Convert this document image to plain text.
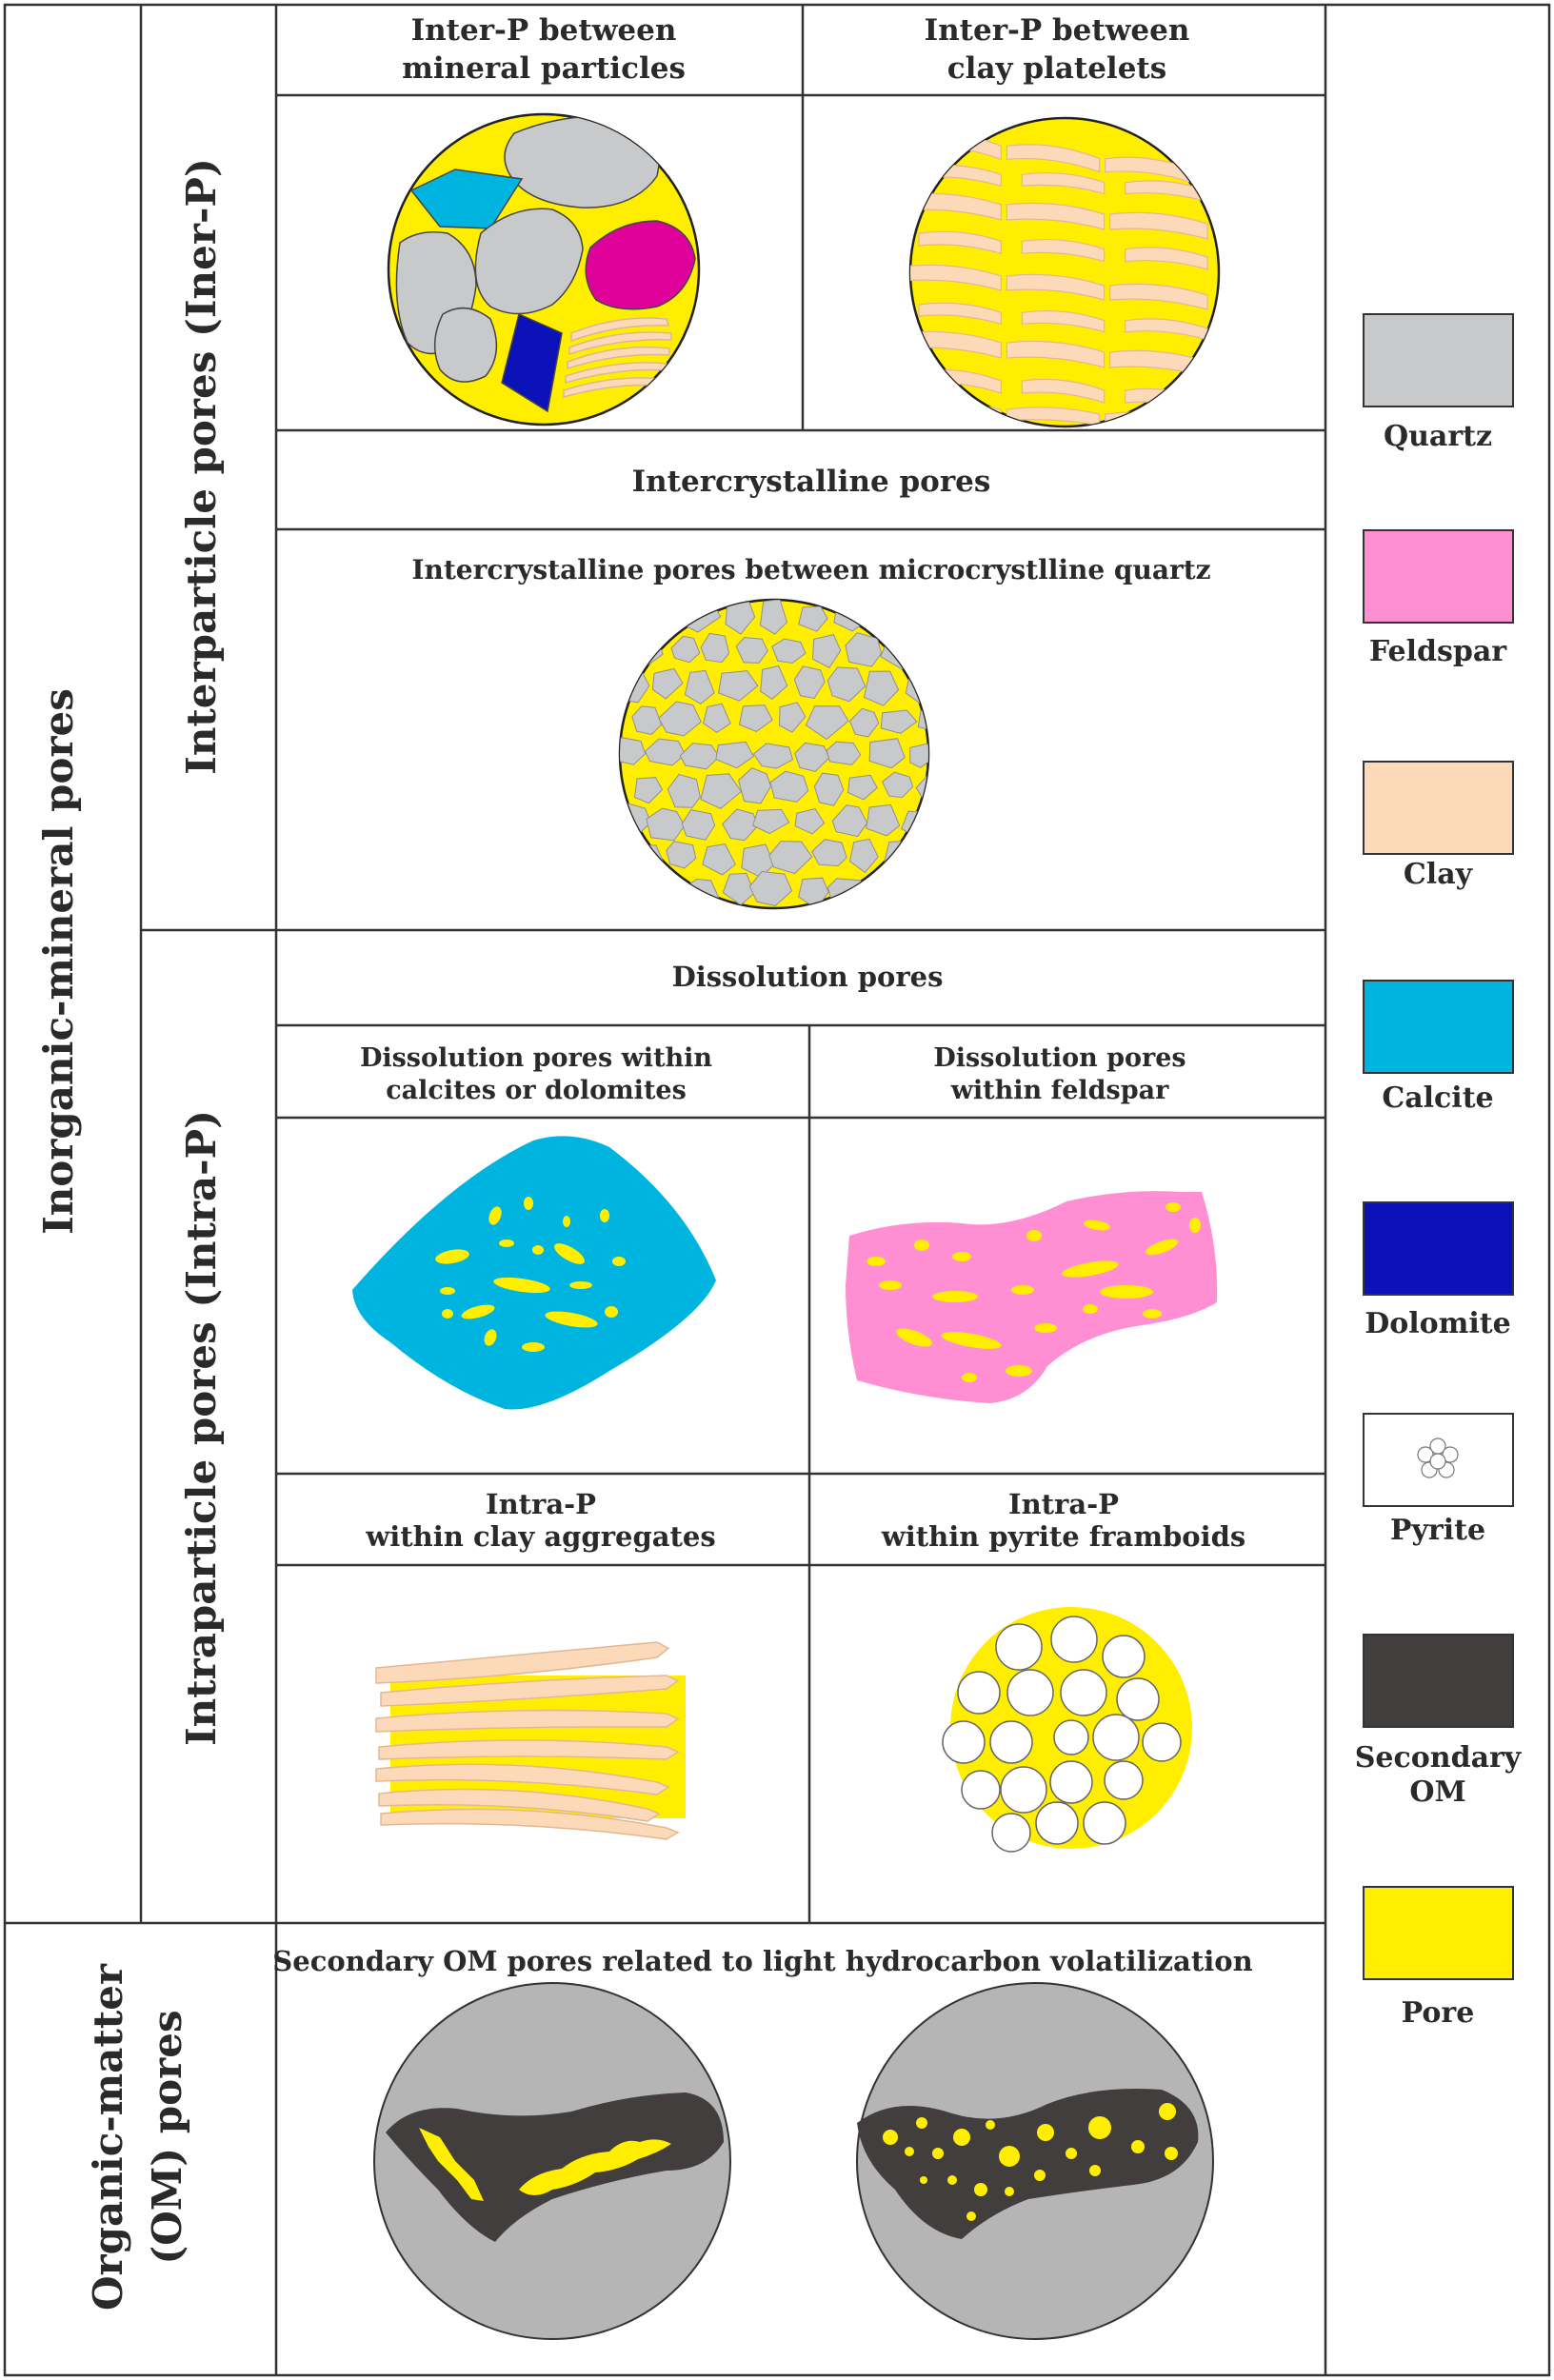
Inorganic-mineral pores
Organic-matter (OM) pores
Interparticle pores (Iner-P)
Intraparticle pores (Intra-P)
Inter-P between
mineral particles
Inter-P between
clay platelets
Intercrystalline pores
Intercrystalline pores between microcrystlline quartz
Dissolution pores
Dissolution pores within
calcites or dolomites
Dissolution pores
within feldspar
Intra-P
within clay aggregates
Intra-P
within pyrite framboids
Secondary OM pores related to light hydrocarbon volatilization
Quartz
Feldspar
Clay
Calcite
Dolomite
Pyrite
Secondary
OM
Pore
